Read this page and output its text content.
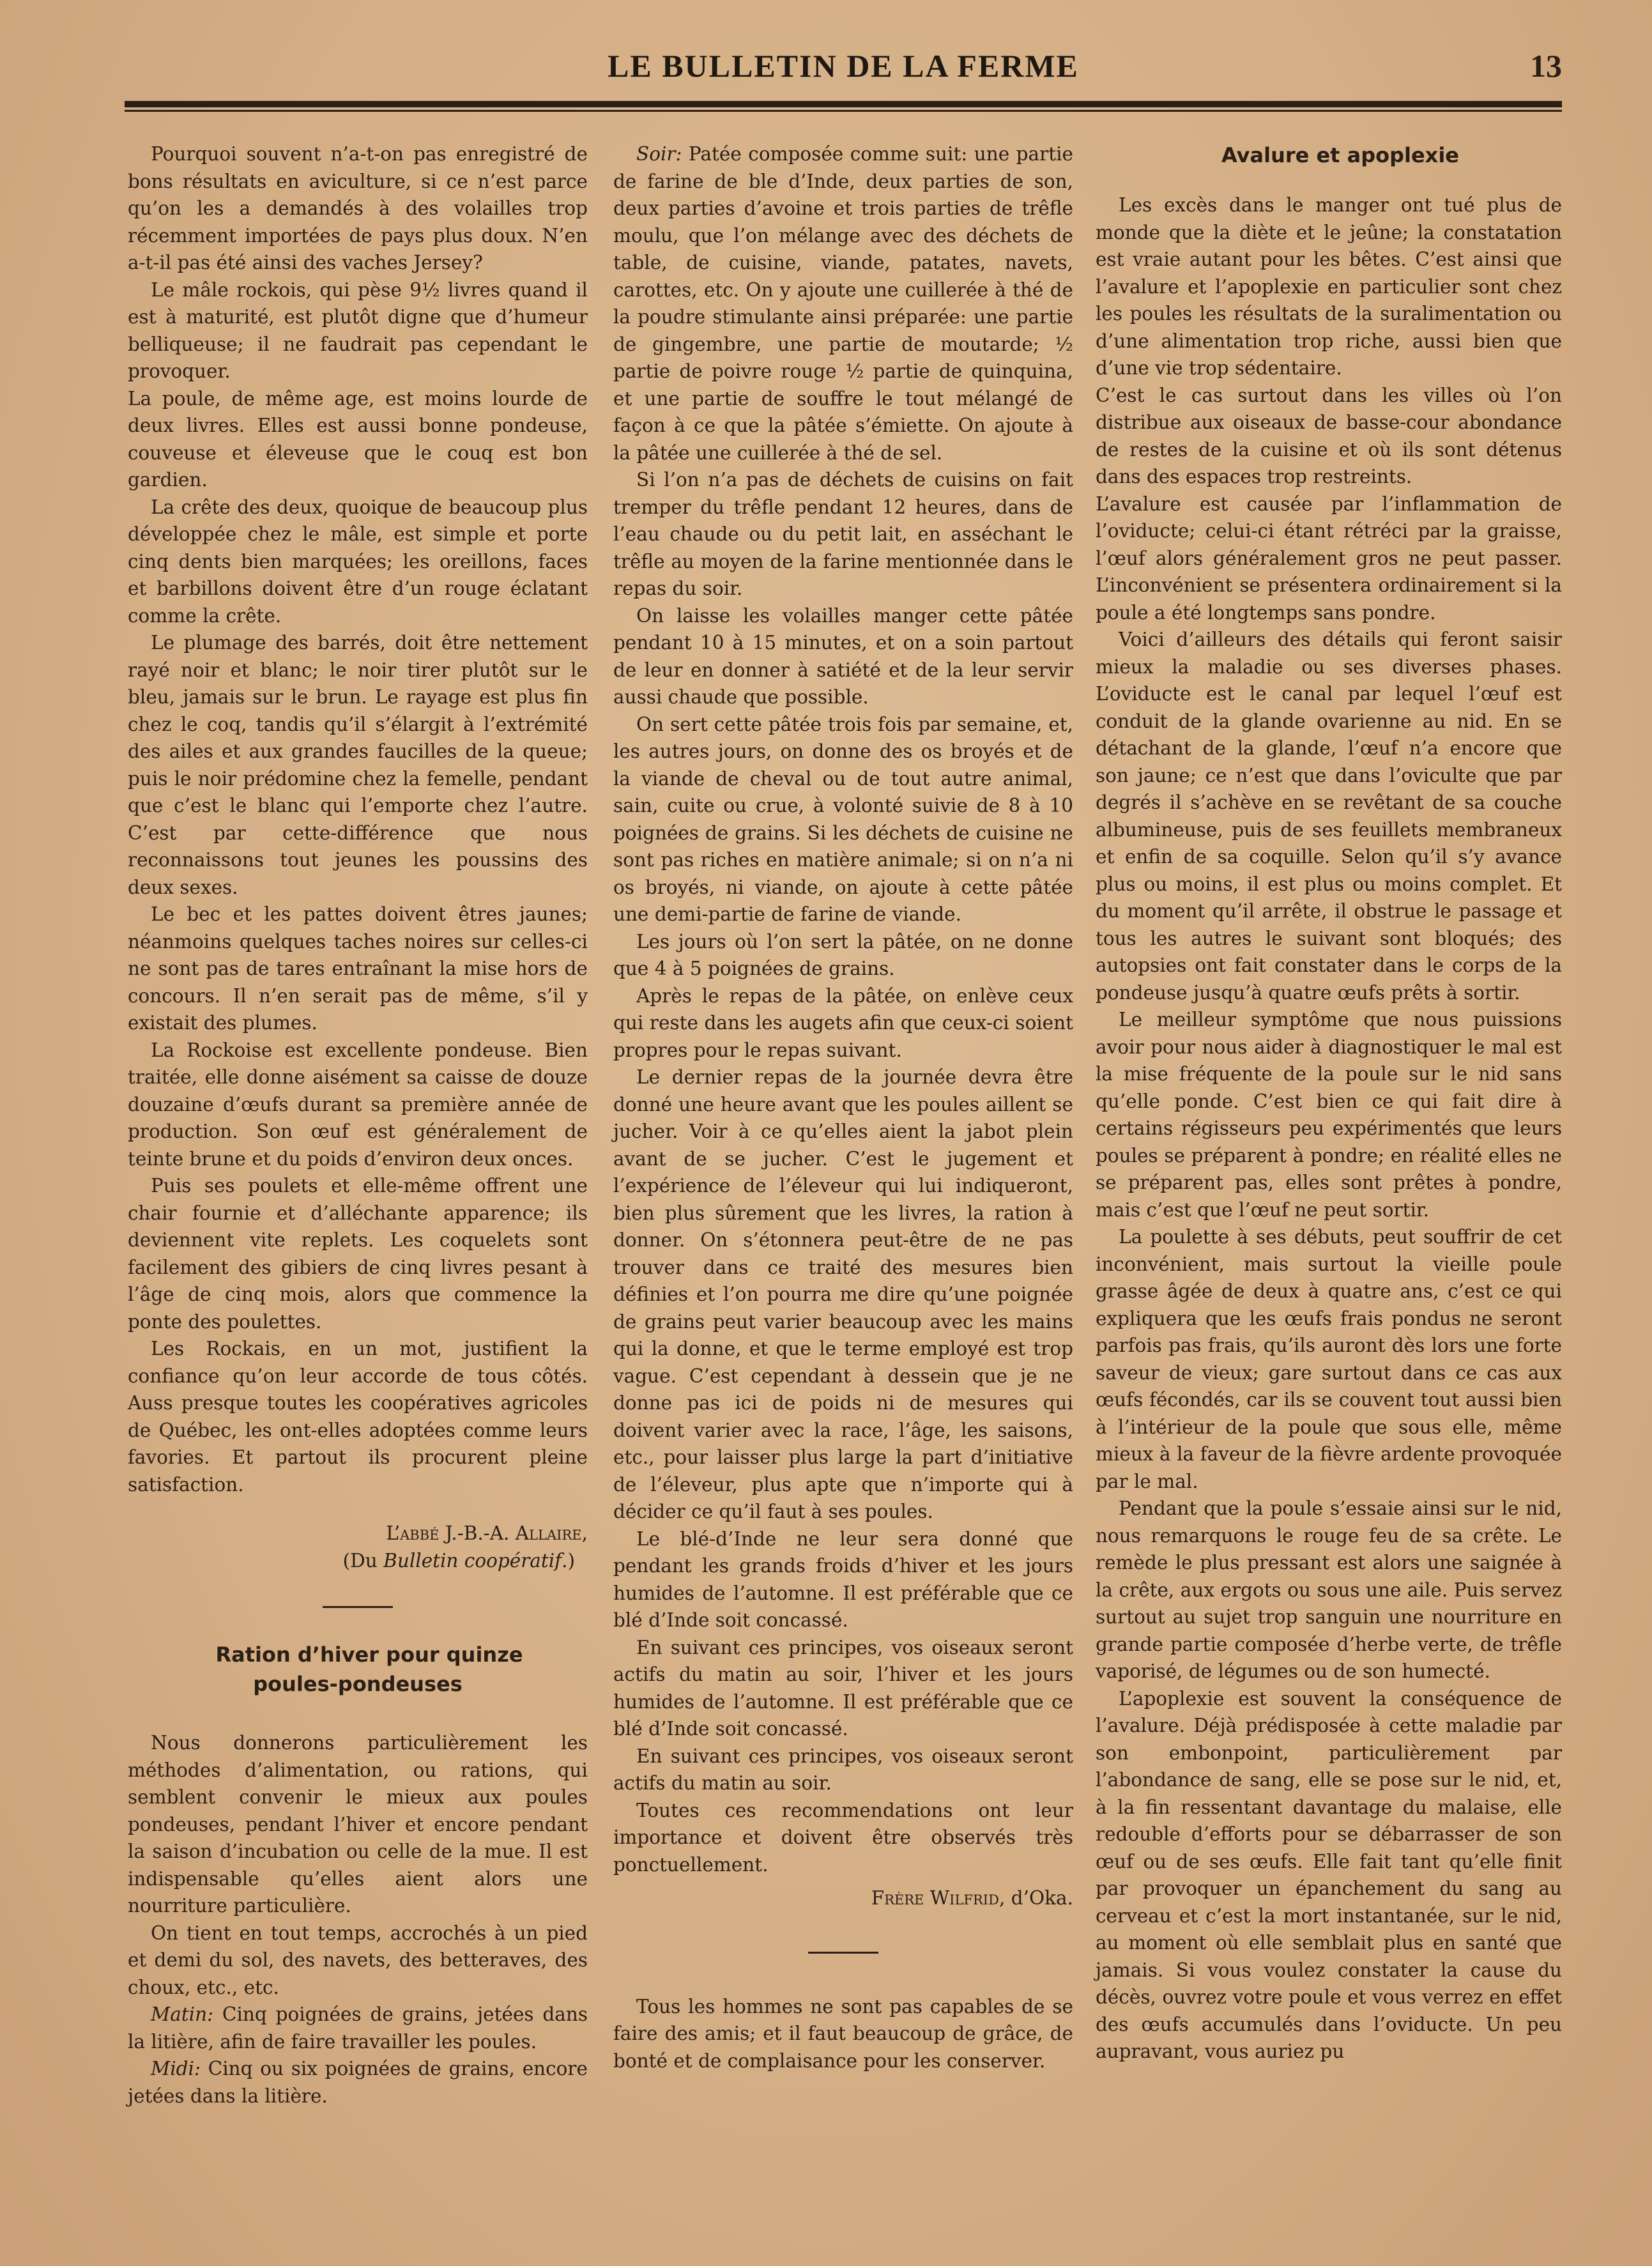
LE BULLETIN DE LA FERME	13

Pourquoi souvent n’a-t-on pas enregistré de bons résultats en aviculture, si ce n’est parce qu’on les a demandés à des volailles trop récemment importées de pays plus doux. N’en a-t-il pas été ainsi des vaches Jersey?

Le mâle rockois, qui pèse 9½ livres quand il est à maturité, est plutôt digne que d’humeur belliqueuse; il ne faudrait pas cependant le provoquer.

La poule, de même age, est moins lourde de deux livres. Elles est aussi bonne pondeuse, couveuse et éleveuse que le couq est bon gardien.

La crête des deux, quoique de beaucoup plus développée chez le mâle, est simple et porte cinq dents bien marquées; les oreillons, faces et barbillons doivent être d’un rouge éclatant comme la crête.

Le plumage des barrés, doit être nettement rayé noir et blanc; le noir tirer plutôt sur le bleu, jamais sur le brun. Le rayage est plus fin chez le coq, tandis qu’il s’élargit à l’extrémité des ailes et aux grandes faucilles de la queue; puis le noir prédomine chez la femelle, pendant que c’est le blanc qui l’emporte chez l’autre. C’est par cette-différence que nous reconnaissons tout jeunes les poussins des deux sexes.

Le bec et les pattes doivent êtres jaunes; néanmoins quelques taches noires sur celles-ci ne sont pas de tares entraînant la mise hors de concours. Il n’en serait pas de même, s’il y existait des plumes.

La Rockoise est excellente pondeuse. Bien traitée, elle donne aisément sa caisse de douze douzaine d’œufs durant sa première année de production. Son œuf est généralement de teinte brune et du poids d’environ deux onces.

Puis ses poulets et elle-même offrent une chair fournie et d’alléchante apparence; ils deviennent vite replets. Les coquelets sont facilement des gibiers de cinq livres pesant à l’âge de cinq mois, alors que commence la ponte des poulettes.

Les Rockais, en un mot, justifient la confiance qu’on leur accorde de tous côtés. Auss presque toutes les coopératives agricoles de Québec, les ont-elles adoptées comme leurs favories. Et partout ils procurent pleine satisfaction.

L’abbé J.-B.-A. Allaire,

(Du Bulletin coopératif.)

Ration d’hiver pour quinze poules-pondeuses

Nous donnerons particulièrement les méthodes d’alimentation, ou rations, qui semblent convenir le mieux aux poules pondeuses, pendant l’hiver et encore pendant la saison d’incubation ou celle de la mue. Il est indispensable qu’elles aient alors une nourriture particulière.

On tient en tout temps, accrochés à un pied et demi du sol, des navets, des betteraves, des choux, etc., etc.

Matin: Cinq poignées de grains, jetées dans la litière, afin de faire travailler les poules.

Midi: Cinq ou six poignées de grains, encore jetées dans la litière.

Soir: Patée composée comme suit: une partie de farine de ble d’Inde, deux parties de son, deux parties d’avoine et trois parties de trêfle moulu, que l’on mélange avec des déchets de table, de cuisine, viande, patates, navets, carottes, etc. On y ajoute une cuillerée à thé de la poudre stimulante ainsi préparée: une partie de gingembre, une partie de moutarde; ½ partie de poivre rouge ½ partie de quinquina, et une partie de souffre le tout mélangé de façon à ce que la pâtée s’émiette. On ajoute à la pâtée une cuillerée à thé de sel.

Si l’on n’a pas de déchets de cuisins on fait tremper du trêfle pendant 12 heures, dans de l’eau chaude ou du petit lait, en asséchant le trêfle au moyen de la farine mentionnée dans le repas du soir.

On laisse les volailles manger cette pâtée pendant 10 à 15 minutes, et on a soin partout de leur en donner à satiété et de la leur servir aussi chaude que possible.

On sert cette pâtée trois fois par semaine, et, les autres jours, on donne des os broyés et de la viande de cheval ou de tout autre animal, sain, cuite ou crue, à volonté suivie de 8 à 10 poignées de grains. Si les déchets de cuisine ne sont pas riches en matière animale; si on n’a ni os broyés, ni viande, on ajoute à cette pâtée une demi-partie de farine de viande.

Les jours où l’on sert la pâtée, on ne donne que 4 à 5 poignées de grains.

Après le repas de la pâtée, on enlève ceux qui reste dans les augets afin que ceux-ci soient propres pour le repas suivant.

Le dernier repas de la journée devra être donné une heure avant que les poules aillent se jucher. Voir à ce qu’elles aient la jabot plein avant de se jucher. C’est le jugement et l’expérience de l’éleveur qui lui indiqueront, bien plus sûrement que les livres, la ration à donner. On s’étonnera peut-être de ne pas trouver dans ce traité des mesures bien définies et l’on pourra me dire qu’une poignée de grains peut varier beaucoup avec les mains qui la donne, et que le terme employé est trop vague. C’est cependant à dessein que je ne donne pas ici de poids ni de mesures qui doivent varier avec la race, l’âge, les saisons, etc., pour laisser plus large la part d’initiative de l’éleveur, plus apte que n’importe qui à décider ce qu’il faut à ses poules.

Le blé-d’Inde ne leur sera donné que pendant les grands froids d’hiver et les jours humides de l’automne. Il est préférable que ce blé d’Inde soit concassé.

En suivant ces principes, vos oiseaux seront actifs du matin au soir, l’hiver et les jours humides de l’automne. Il est préférable que ce blé d’Inde soit concassé.

En suivant ces principes, vos oiseaux seront actifs du matin au soir.

Toutes ces recommendations ont leur importance et doivent être observés très ponctuellement.

Frère Wilfrid, d’Oka.

Tous les hommes ne sont pas capables de se faire des amis; et il faut beaucoup de grâce, de bonté et de complaisance pour les conserver.

Avalure et apoplexie

Les excès dans le manger ont tué plus de monde que la diète et le jeûne; la constatation est vraie autant pour les bêtes. C’est ainsi que l’avalure et l’apoplexie en particulier sont chez les poules les résultats de la suralimentation ou d’une alimentation trop riche, aussi bien que d’une vie trop sédentaire.

C’est le cas surtout dans les villes où l’on distribue aux oiseaux de basse-cour abondance de restes de la cuisine et où ils sont détenus dans des espaces trop restreints.

L’avalure est causée par l’inflammation de l’oviducte; celui-ci étant rétréci par la graisse, l’œuf alors généralement gros ne peut passer. L’inconvénient se présentera ordinairement si la poule a été longtemps sans pondre.

Voici d’ailleurs des détails qui feront saisir mieux la maladie ou ses diverses phases. L’oviducte est le canal par lequel l’œuf est conduit de la glande ovarienne au nid. En se détachant de la glande, l’œuf n’a encore que son jaune; ce n’est que dans l’oviculte que par degrés il s’achève en se revêtant de sa couche albumineuse, puis de ses feuillets membraneux et enfin de sa coquille. Selon qu’il s’y avance plus ou moins, il est plus ou moins complet. Et du moment qu’il arrête, il obstrue le passage et tous les autres le suivant sont bloqués; des autopsies ont fait constater dans le corps de la pondeuse jusqu’à quatre œufs prêts à sortir.

Le meilleur symptôme que nous puissions avoir pour nous aider à diagnostiquer le mal est la mise fréquente de la poule sur le nid sans qu’elle ponde. C’est bien ce qui fait dire à certains régisseurs peu expérimentés que leurs poules se préparent à pondre; en réalité elles ne se préparent pas, elles sont prêtes à pondre, mais c’est que l’œuf ne peut sortir.

La poulette à ses débuts, peut souffrir de cet inconvénient, mais surtout la vieille poule grasse âgée de deux à quatre ans, c’est ce qui expliquera que les œufs frais pondus ne seront parfois pas frais, qu’ils auront dès lors une forte saveur de vieux; gare surtout dans ce cas aux œufs fécondés, car ils se couvent tout aussi bien à l’intérieur de la poule que sous elle, même mieux à la faveur de la fièvre ardente provoquée par le mal.

Pendant que la poule s’essaie ainsi sur le nid, nous remarquons le rouge feu de sa crête. Le remède le plus pressant est alors une saignée à la crête, aux ergots ou sous une aile. Puis servez surtout au sujet trop sanguin une nourriture en grande partie composée d’herbe verte, de trêfle vaporisé, de légumes ou de son humecté.

L’apoplexie est souvent la conséquence de l’avalure. Déjà prédisposée à cette maladie par son embonpoint, particulièrement par l’abondance de sang, elle se pose sur le nid, et, à la fin ressentant davantage du malaise, elle redouble d’efforts pour se débarrasser de son œuf ou de ses œufs. Elle fait tant qu’elle finit par provoquer un épanchement du sang au cerveau et c’est la mort instantanée, sur le nid, au moment où elle semblait plus en santé que jamais. Si vous voulez constater la cause du décès, ouvrez votre poule et vous verrez en effet des œufs accumulés dans l’oviducte. Un peu aupravant, vous auriez pu
